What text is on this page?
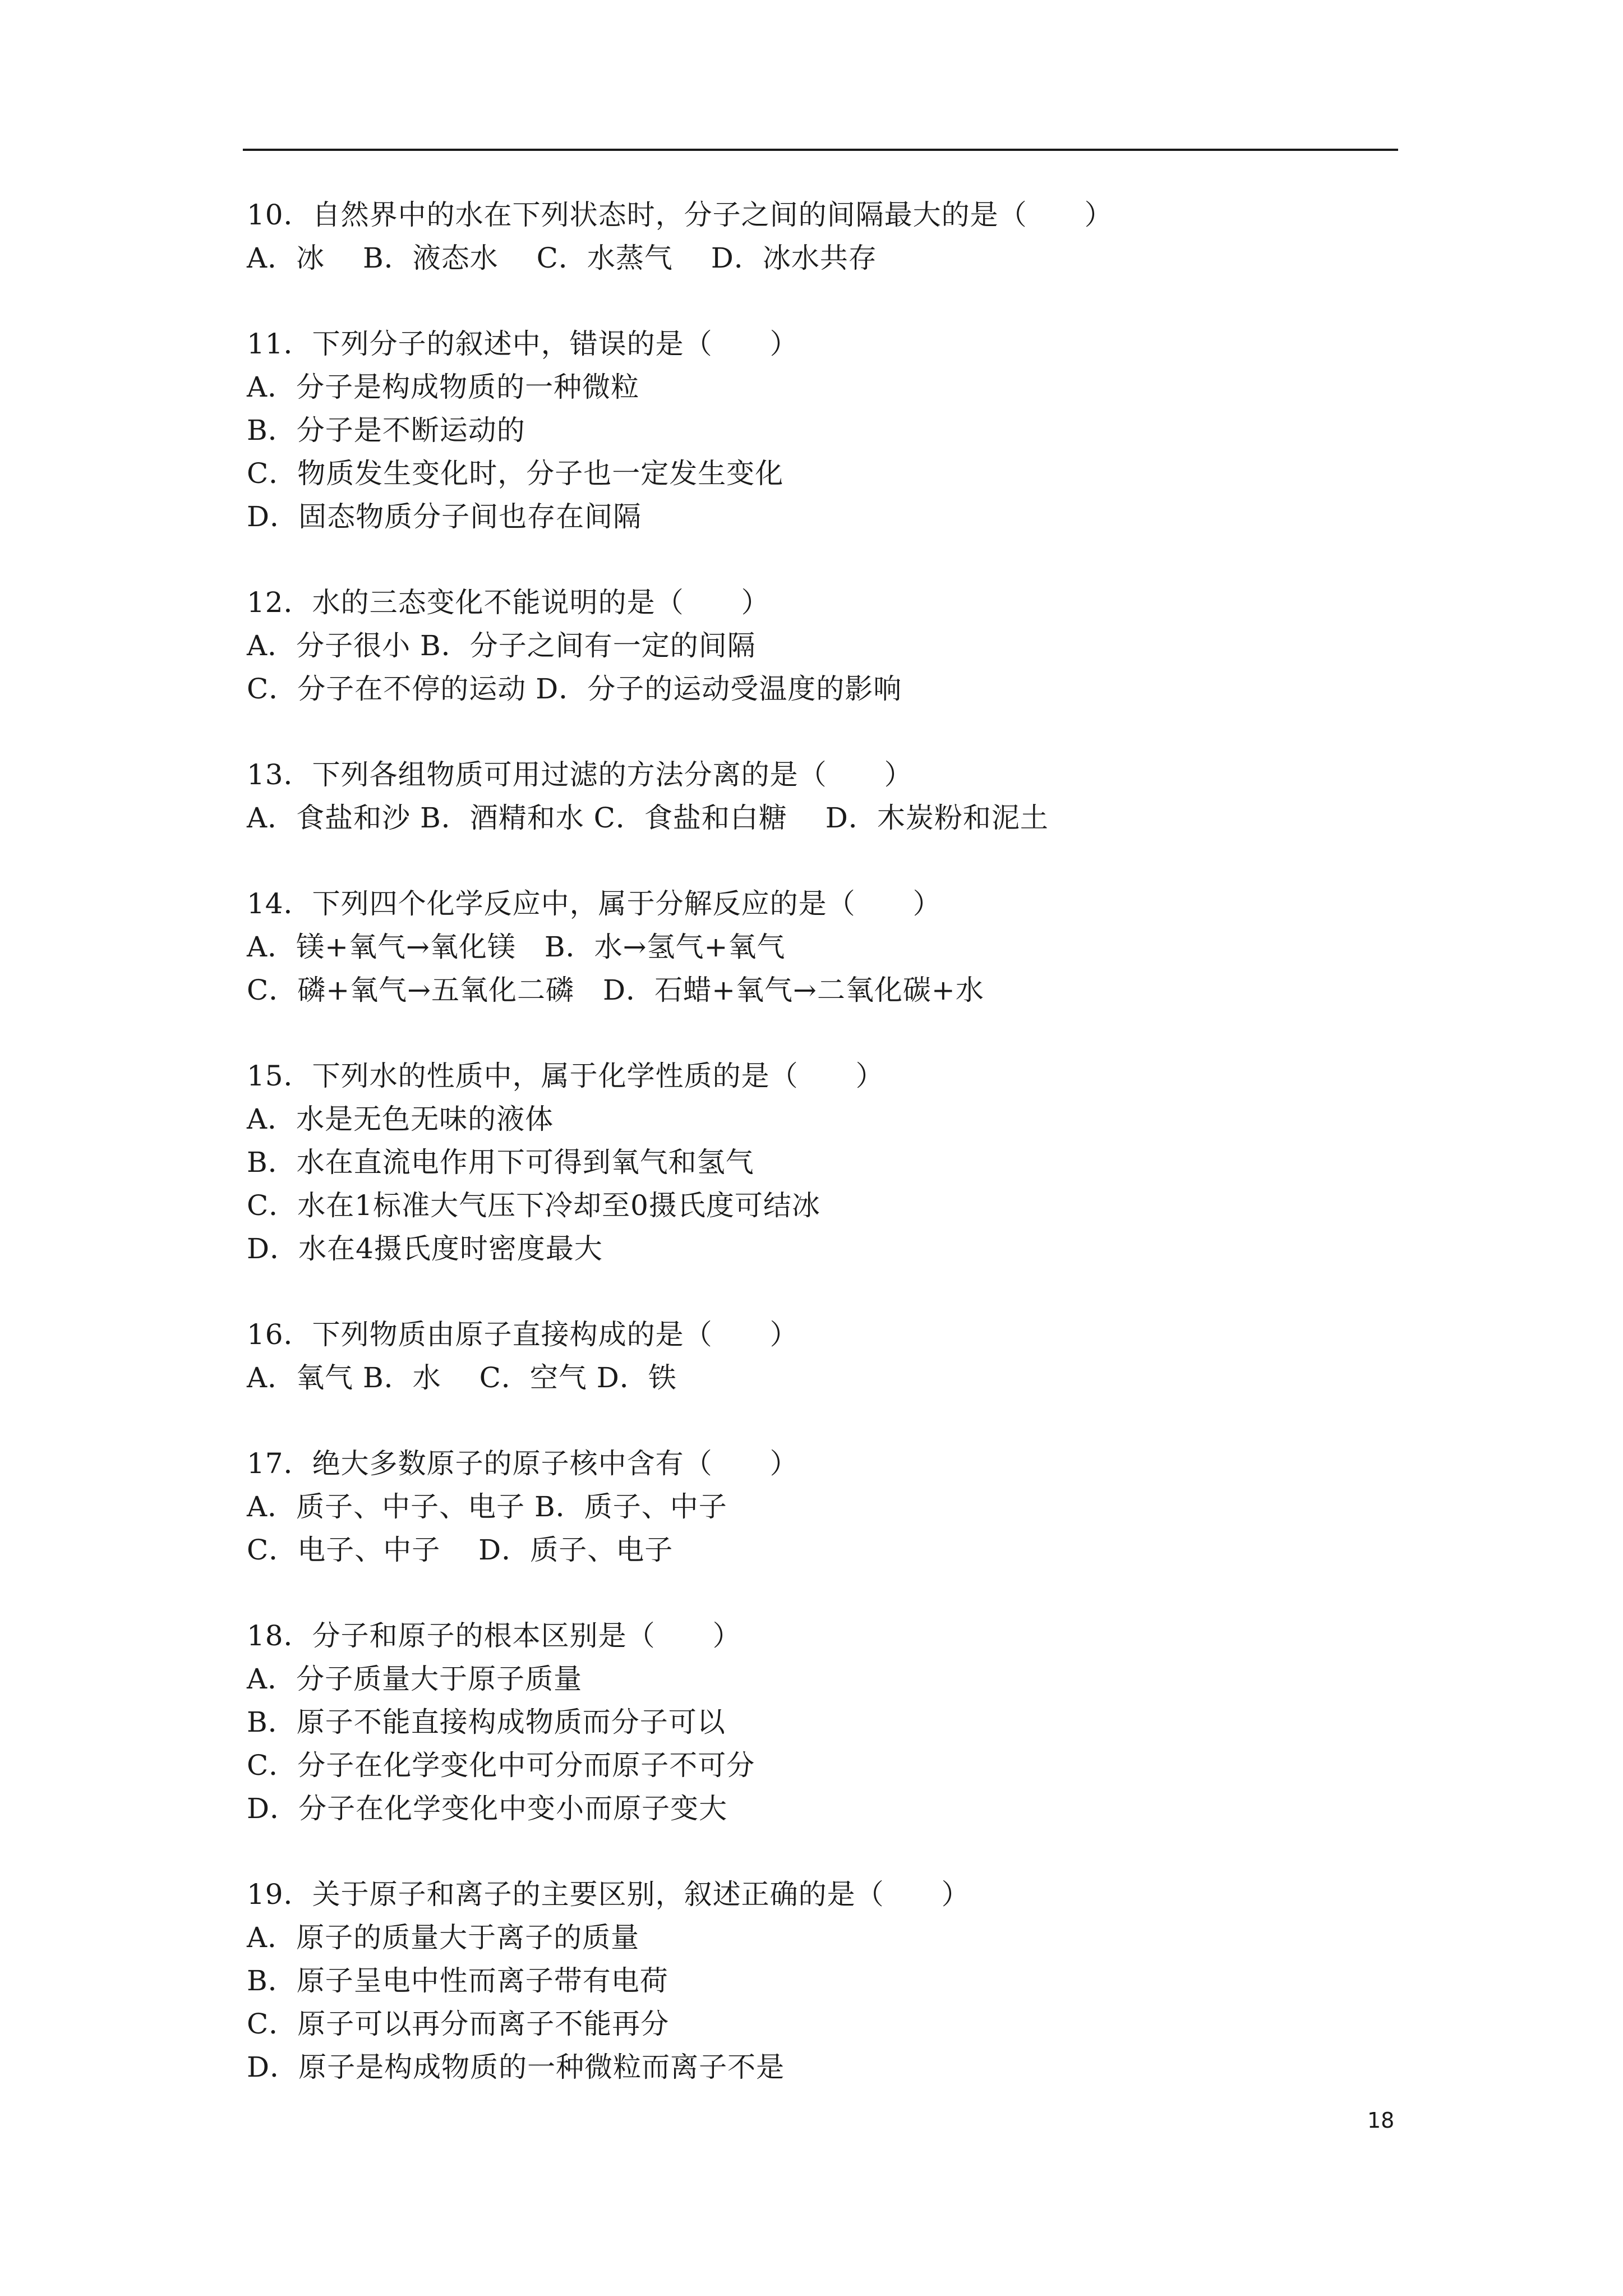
10．自然界中的水在下列状态时，分子之间的间隔最大的是（　　）
A．冰　 B．液态水　 C．水蒸气　 D．冰水共存
11．下列分子的叙述中，错误的是（　　）
A．分子是构成物质的一种微粒
B．分子是不断运动的
C．物质发生变化时，分子也一定发生变化
D．固态物质分子间也存在间隔
12．水的三态变化不能说明的是（　　）
A．分子很小 B．分子之间有一定的间隔
C．分子在不停的运动 D．分子的运动受温度的影响
13．下列各组物质可用过滤的方法分离的是（　　）
A．食盐和沙 B．酒精和水 C．食盐和白糖　 D．木炭粉和泥土
14．下列四个化学反应中，属于分解反应的是（　　）
A．镁+氧气→氧化镁　B．水→氢气+氧气
C．磷+氧气→五氧化二磷　D．石蜡+氧气→二氧化碳+水
15．下列水的性质中，属于化学性质的是（　　）
A．水是无色无味的液体
B．水在直流电作用下可得到氧气和氢气
C．水在1标准大气压下冷却至0摄氏度可结冰
D．水在4摄氏度时密度最大
16．下列物质由原子直接构成的是（　　）
A．氧气 B．水　 C．空气 D．铁
17．绝大多数原子的原子核中含有（　　）
A．质子、中子、电子 B．质子、中子
C．电子、中子　 D．质子、电子
18．分子和原子的根本区别是（　　）
A．分子质量大于原子质量
B．原子不能直接构成物质而分子可以
C．分子在化学变化中可分而原子不可分
D．分子在化学变化中变小而原子变大
19．关于原子和离子的主要区别，叙述正确的是（　　）
A．原子的质量大于离子的质量
B．原子呈电中性而离子带有电荷
C．原子可以再分而离子不能再分
D．原子是构成物质的一种微粒而离子不是
18
